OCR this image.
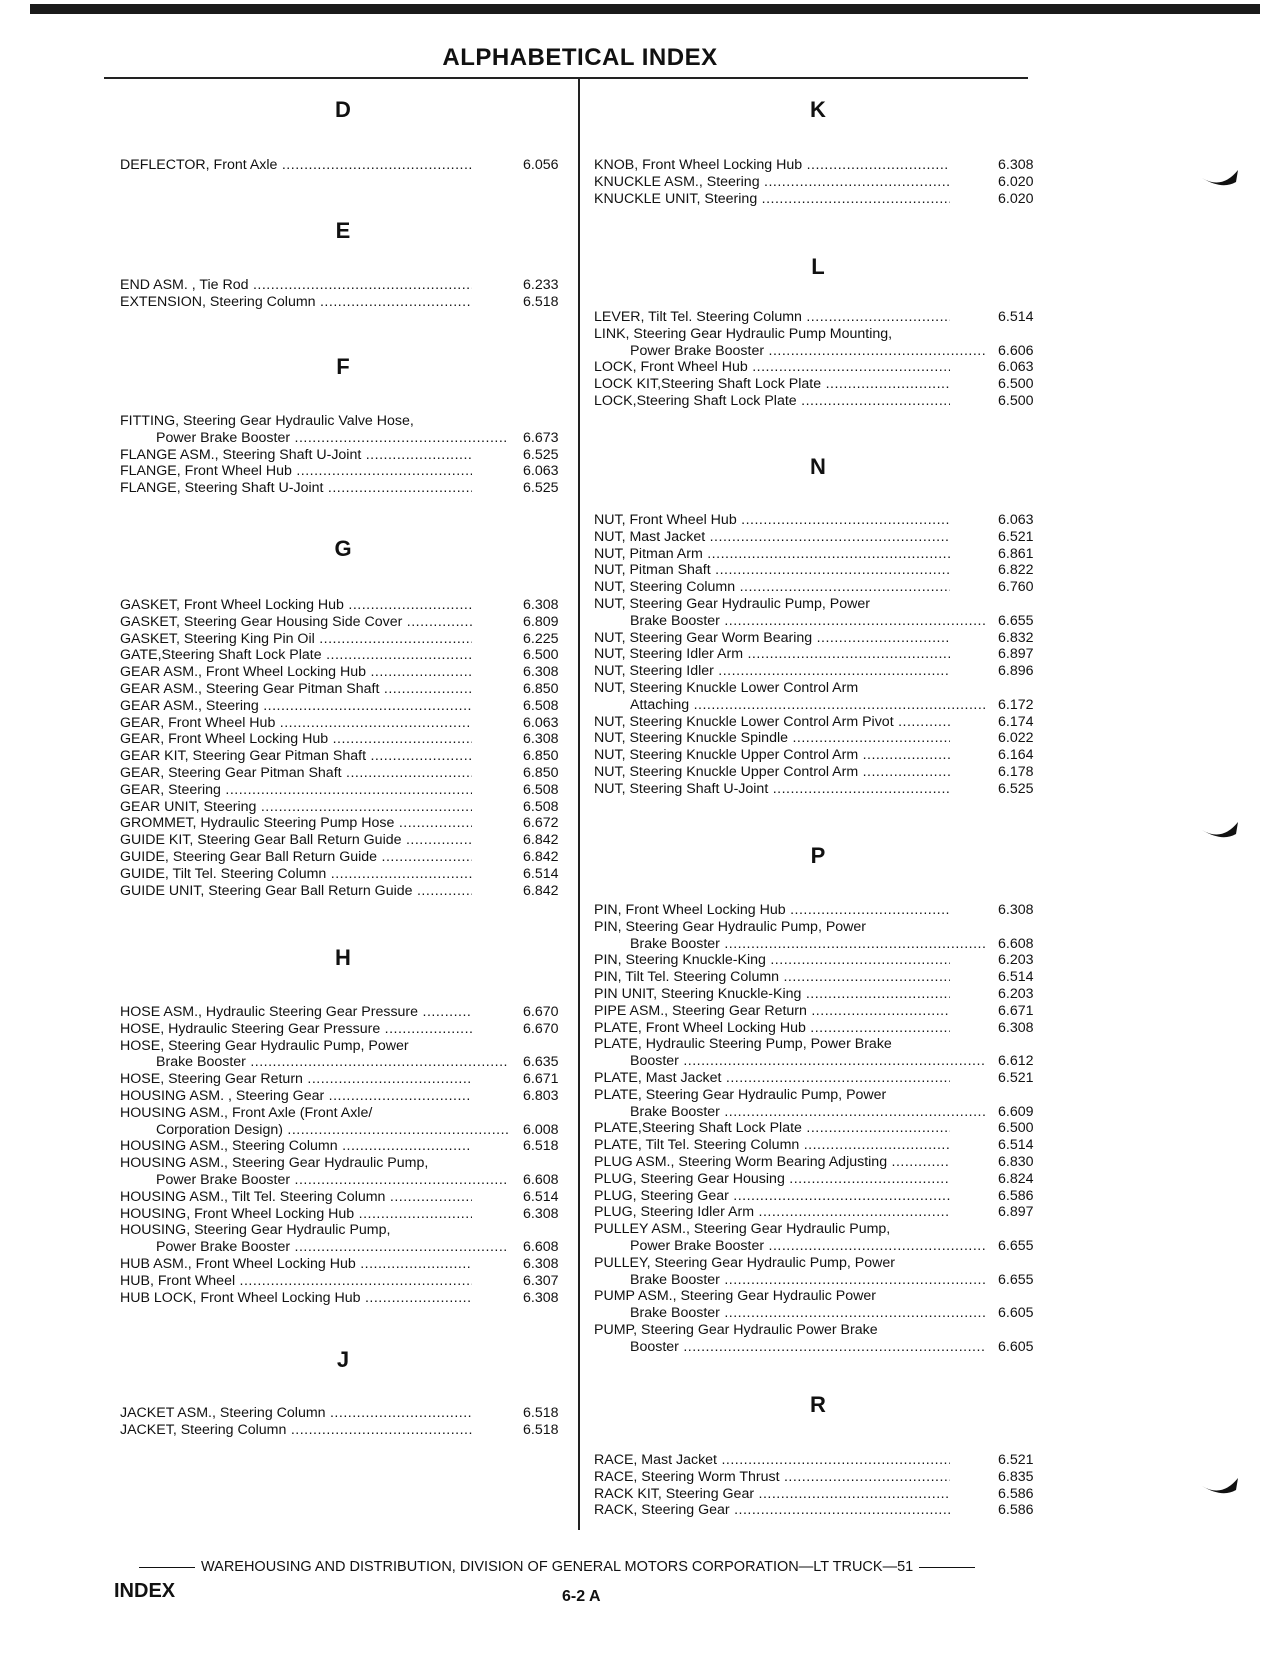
ALPHABETICAL INDEX
D
DEFLECTOR, Front Axle .....	6.056
E
END ASM. , Tie Rod .....	6.233
EXTENSION, Steering Column .....	6.518
F
FITTING, Steering Gear Hydraulic Valve Hose,
Power Brake Booster .....	6.673
FLANGE ASM., Steering Shaft U-Joint .....	6.525
FLANGE, Front Wheel Hub .....	6.063
FLANGE, Steering Shaft U-Joint .....	6.525
G
GASKET, Front Wheel Locking Hub .....	6.308
GASKET, Steering Gear Housing Side Cover .....	6.809
GASKET, Steering King Pin Oil .....	6.225
GATE,Steering Shaft Lock Plate .....	6.500
GEAR ASM., Front Wheel Locking Hub .....	6.308
GEAR ASM., Steering Gear Pitman Shaft .....	6.850
GEAR ASM., Steering .....	6.508
GEAR, Front Wheel Hub .....	6.063
GEAR, Front Wheel Locking Hub .....	6.308
GEAR KIT, Steering Gear Pitman Shaft .....	6.850
GEAR, Steering Gear Pitman Shaft .....	6.850
GEAR, Steering .....	6.508
GEAR UNIT, Steering .....	6.508
GROMMET, Hydraulic Steering Pump Hose .....	6.672
GUIDE KIT, Steering Gear Ball Return Guide .....	6.842
GUIDE, Steering Gear Ball Return Guide .....	6.842
GUIDE, Tilt Tel. Steering Column .....	6.514
GUIDE UNIT, Steering Gear Ball Return Guide .....	6.842
H
HOSE ASM., Hydraulic Steering Gear Pressure .....	6.670
HOSE, Hydraulic Steering Gear Pressure .....	6.670
HOSE, Steering Gear Hydraulic Pump, Power
Brake Booster .....	6.635
HOSE, Steering Gear Return .....	6.671
HOUSING ASM. , Steering Gear .....	6.803
HOUSING ASM., Front Axle (Front Axle/
Corporation Design) .....	6.008
HOUSING ASM., Steering Column .....	6.518
HOUSING ASM., Steering Gear Hydraulic Pump,
Power Brake Booster .....	6.608
HOUSING ASM., Tilt Tel. Steering Column .....	6.514
HOUSING, Front Wheel Locking Hub .....	6.308
HOUSING, Steering Gear Hydraulic Pump,
Power Brake Booster .....	6.608
HUB ASM., Front Wheel Locking Hub .....	6.308
HUB, Front Wheel .....	6.307
HUB LOCK, Front Wheel Locking Hub .....	6.308
J
JACKET ASM., Steering Column .....	6.518
JACKET, Steering Column .....	6.518
K
KNOB, Front Wheel Locking Hub .....	6.308
KNUCKLE ASM., Steering .....	6.020
KNUCKLE UNIT, Steering .....	6.020
L
LEVER, Tilt Tel. Steering Column .....	6.514
LINK, Steering Gear Hydraulic Pump Mounting,
Power Brake Booster .....	6.606
LOCK, Front Wheel Hub .....	6.063
LOCK KIT,Steering Shaft Lock Plate .....	6.500
LOCK,Steering Shaft Lock Plate .....	6.500
N
NUT, Front Wheel Hub .....	6.063
NUT, Mast Jacket .....	6.521
NUT, Pitman Arm .....	6.861
NUT, Pitman Shaft .....	6.822
NUT, Steering Column .....	6.760
NUT, Steering Gear Hydraulic Pump, Power
Brake Booster .....	6.655
NUT, Steering Gear Worm Bearing .....	6.832
NUT, Steering Idler Arm .....	6.897
NUT, Steering Idler .....	6.896
NUT, Steering Knuckle Lower Control Arm
Attaching .....	6.172
NUT, Steering Knuckle Lower Control Arm Pivot .....	6.174
NUT, Steering Knuckle Spindle .....	6.022
NUT, Steering Knuckle Upper Control Arm .....	6.164
NUT, Steering Knuckle Upper Control Arm .....	6.178
NUT, Steering Shaft U-Joint .....	6.525
P
PIN, Front Wheel Locking Hub .....	6.308
PIN, Steering Gear Hydraulic Pump, Power
Brake Booster .....	6.608
PIN, Steering Knuckle-King .....	6.203
PIN, Tilt Tel. Steering Column .....	6.514
PIN UNIT, Steering Knuckle-King .....	6.203
PIPE ASM., Steering Gear Return .....	6.671
PLATE, Front Wheel Locking Hub .....	6.308
PLATE, Hydraulic Steering Pump, Power Brake
Booster .....	6.612
PLATE, Mast Jacket .....	6.521
PLATE, Steering Gear Hydraulic Pump, Power
Brake Booster .....	6.609
PLATE,Steering Shaft Lock Plate .....	6.500
PLATE, Tilt Tel. Steering Column .....	6.514
PLUG ASM., Steering Worm Bearing Adjusting .....	6.830
PLUG, Steering Gear Housing .....	6.824
PLUG, Steering Gear .....	6.586
PLUG, Steering Idler Arm .....	6.897
PULLEY ASM., Steering Gear Hydraulic Pump,
Power Brake Booster .....	6.655
PULLEY, Steering Gear Hydraulic Pump, Power
Brake Booster .....	6.655
PUMP ASM., Steering Gear Hydraulic Power
Brake Booster .....	6.605
PUMP, Steering Gear Hydraulic Power Brake
Booster .....	6.605
R
RACE, Mast Jacket .....	6.521
RACE, Steering Worm Thrust .....	6.835
RACK KIT, Steering Gear .....	6.586
RACK, Steering Gear .....	6.586
WAREHOUSING AND DISTRIBUTION, DIVISION OF GENERAL MOTORS CORPORATION—LT TRUCK—51
INDEX	6-2 A
